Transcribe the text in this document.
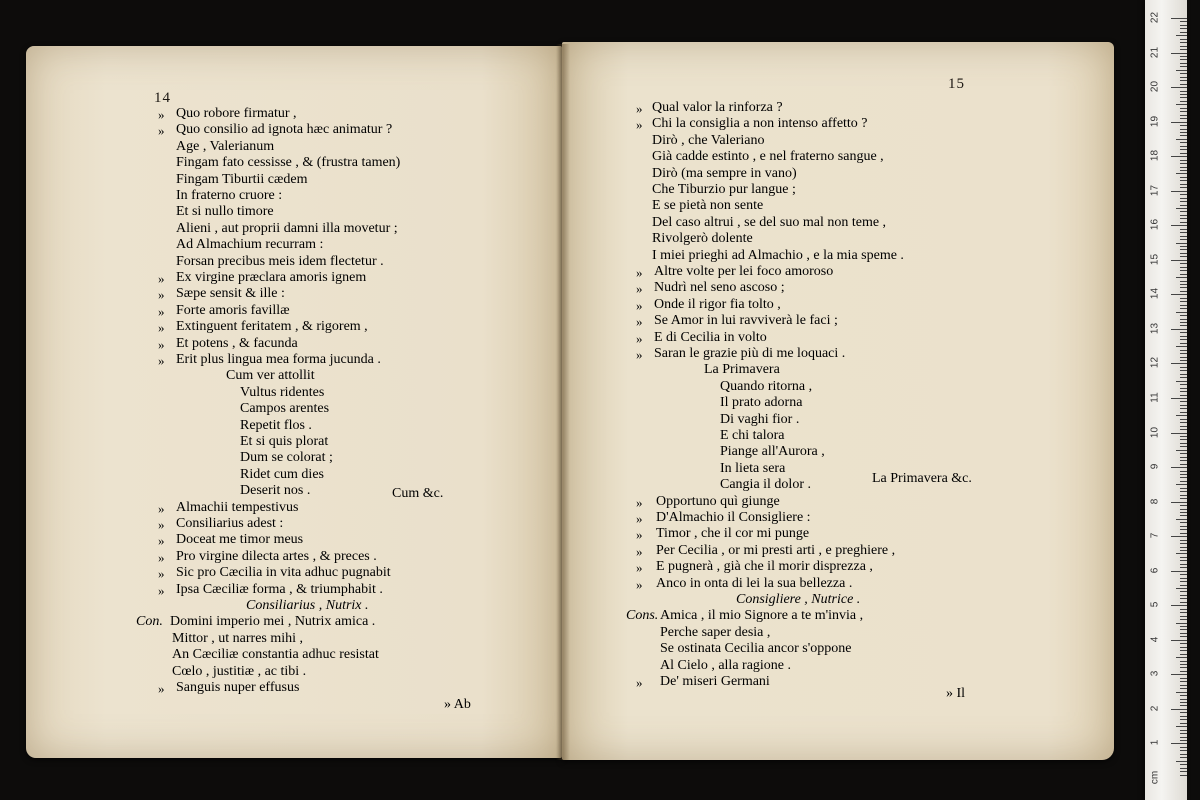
14
15
» Quo robore firmatur ,
» Quo consilio ad ignota hæc animatur ?
Age , Valerianum
Fingam fato cessisse , & (frustra tamen)
Fingam Tiburtii cædem
In fraterno cruore :
Et si nullo timore
Alieni , aut proprii damni illa movetur ;
Ad Almachium recurram :
Forsan precibus meis idem flectetur .
» Ex virgine præclara amoris ignem
» Sæpe sensit & ille :
» Forte amoris favillæ
» Extinguent feritatem , & rigorem ,
» Et potens , & facunda
» Erit plus lingua mea forma jucunda .
Cum ver attollit
Vultus ridentes
Campos arentes
Repetit flos .
Et si quis plorat
Dum se colorat ;
Ridet cum dies
Deserit nos .
» Almachii tempestivus
» Consiliarius adest :
» Doceat me timor meus
» Pro virgine dilecta artes , & preces .
» Sic pro Cæcilia in vita adhuc pugnabit
» Ipsa Cæciliæ forma , & triumphabit .
Consiliarius , Nutrix .
Con. Domini imperio mei , Nutrix amica .
Mittor , ut narres mihi ,
An Cæciliæ constantia adhuc resistat
Cœlo , justitiæ , ac tibi .
» Sanguis nuper effusus
» Qual valor la rinforza ?
» Chi la consiglia a non intenso affetto ?
Dirò , che Valeriano
Già cadde estinto , e nel fraterno sangue ,
Dirò (ma sempre in vano)
Che Tiburzio pur langue ;
E se pietà non sente
Del caso altrui , se del suo mal non teme ,
Rivolgerò dolente
I miei prieghi ad Almachio , e la mia speme .
» Altre volte per lei foco amoroso
» Nudrì nel seno ascoso ;
» Onde il rigor fia tolto ,
» Se Amor in lui ravviverà le faci ;
» E di Cecilia in volto
» Saran le grazie più di me loquaci .
La Primavera
Quando ritorna ,
Il prato adorna
Di vaghi fior .
E chi talora
Piange all'Aurora ,
In lieta sera
Cangia il dolor .
» Opportuno quì giunge
» D'Almachio il Consigliere :
» Timor , che il cor mi punge
» Per Cecilia , or mi presti arti , e preghiere ,
» E pugnerà , già che il morir disprezza ,
» Anco in onta di lei la sua bellezza .
Consigliere , Nutrice .
Cons. Amica , il mio Signore a te m'invia ,
Perche saper desia ,
Se ostinata Cecilia ancor s'oppone
Al Cielo , alla ragione .
» De' miseri Germani
Cum &c.
La Primavera &c.
» Ab
» Il
22
21
20
19
18
17
16
15
14
13
12
11
10
9
8
7
6
5
4
3
2
1
cm
